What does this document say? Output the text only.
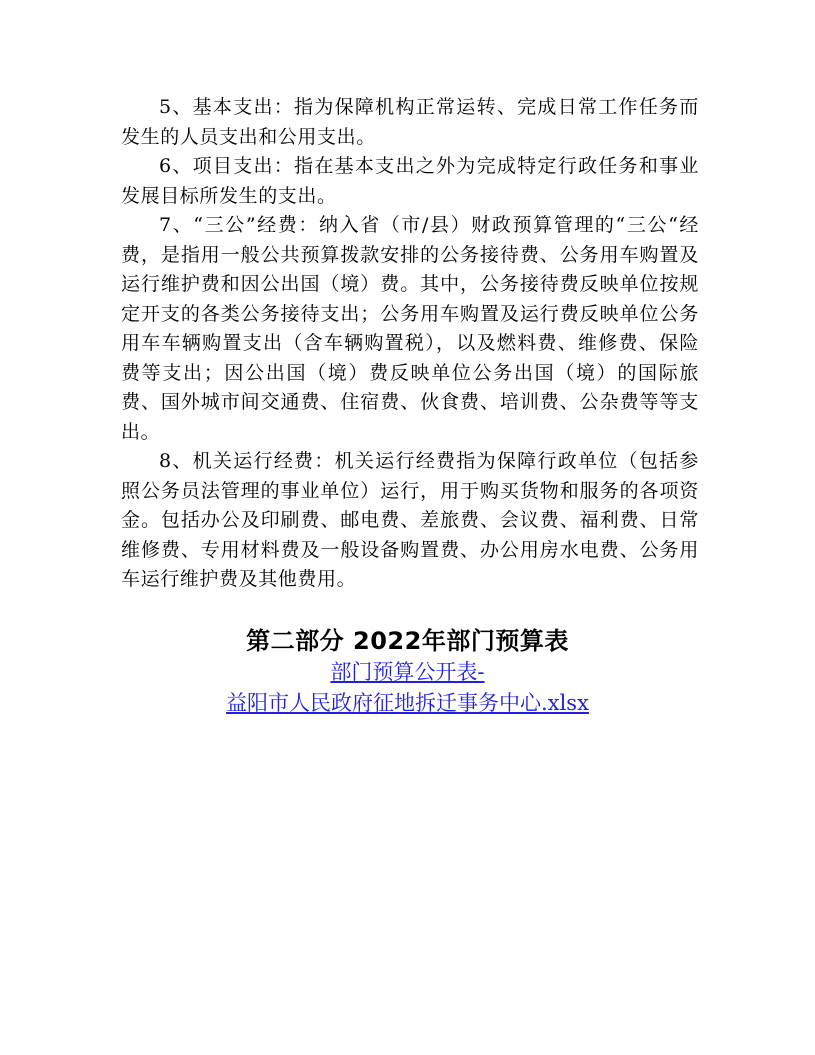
5、基本支出：指为保障机构正常运转、完成日常工作任务而发生的人员支出和公用支出。

6、项目支出：指在基本支出之外为完成特定行政任务和事业发展目标所发生的支出。

7、“三公”经费：纳入省（市/县）财政预算管理的“三公“经费，是指用一般公共预算拨款安排的公务接待费、公务用车购置及运行维护费和因公出国（境）费。其中，公务接待费反映单位按规定开支的各类公务接待支出；公务用车购置及运行费反映单位公务用车车辆购置支出（含车辆购置税），以及燃料费、维修费、保险费等支出；因公出国（境）费反映单位公务出国（境）的国际旅费、国外城市间交通费、住宿费、伙食费、培训费、公杂费等等支出。

8、机关运行经费：机关运行经费指为保障行政单位（包括参照公务员法管理的事业单位）运行，用于购买货物和服务的各项资金。包括办公及印刷费、邮电费、差旅费、会议费、福利费、日常维修费、专用材料费及一般设备购置费、办公用房水电费、公务用车运行维护费及其他费用。

第二部分 2022年部门预算表
部门预算公开表-
益阳市人民政府征地拆迁事务中心.xlsx
